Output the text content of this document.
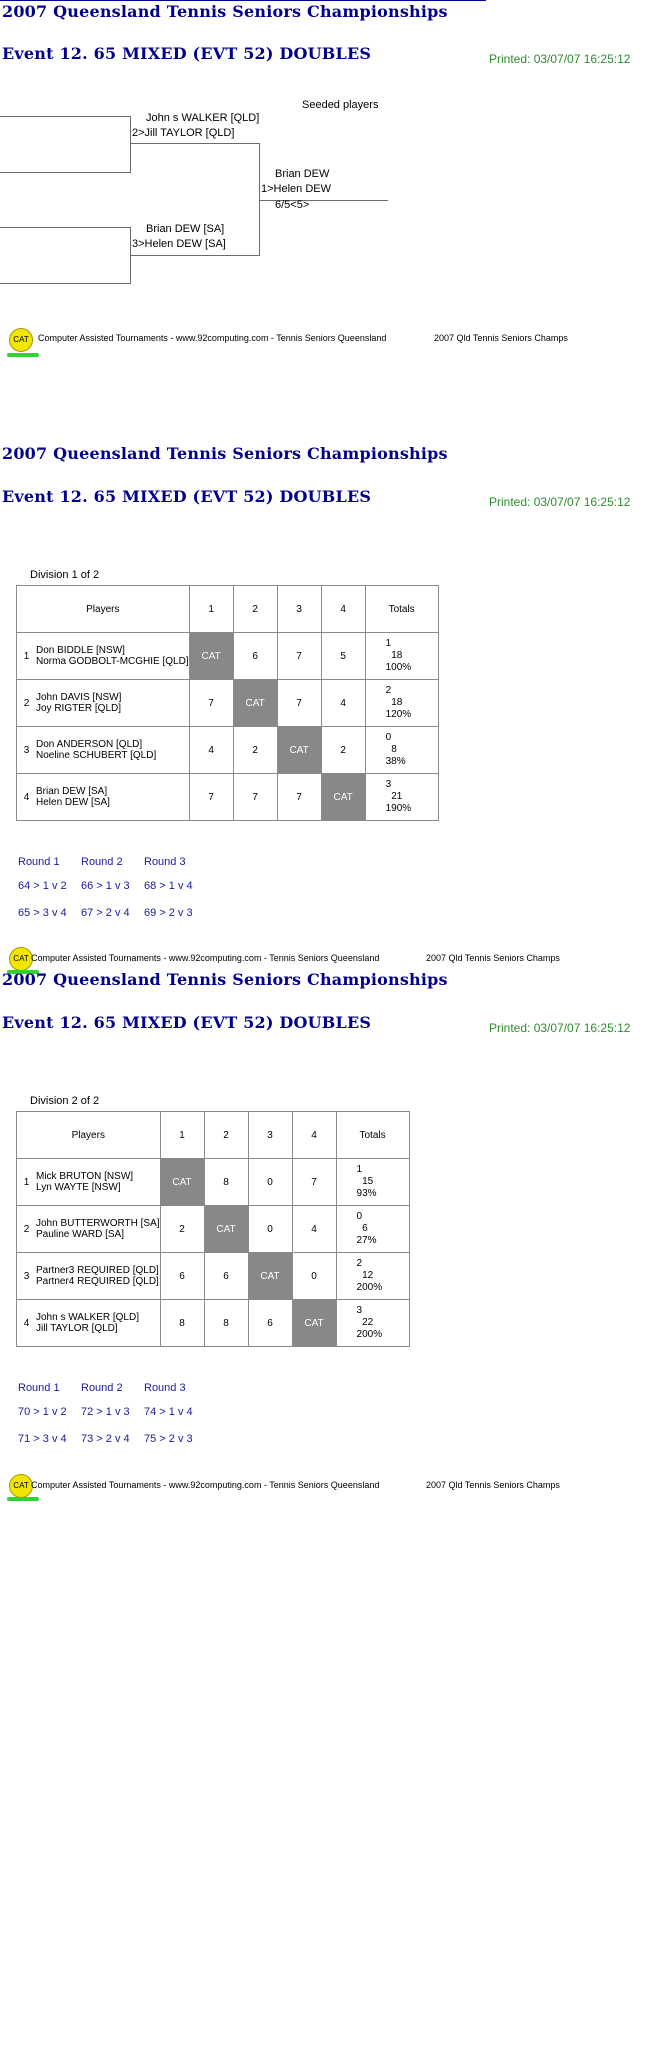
2007 Queensland Tennis Seniors Championships
Event 12. 65 MIXED (EVT 52) DOUBLES	Printed: 03/07/07 16:25:12
Seeded players
John s WALKER [QLD]
2>Jill TAYLOR [QLD]
Brian DEW [SA]
3>Helen DEW [SA]
Brian DEW
1>Helen DEW
6/5<5>
CAT	Computer Assisted Tournaments - www.92computing.com - Tennis Seniors Queensland	2007 Qld Tennis Seniors Champs
2007 Queensland Tennis Seniors Championships
Event 12. 65 MIXED (EVT 52) DOUBLES	Printed: 03/07/07 16:25:12
Division 1 of 2
Players	1	2	3	4	Totals

1 Don BIDDLE [NSW]
Norma GODBOLT-MCGHIE [QLD]	CAT	6	7	5	1
18
100%

2 John DAVIS [NSW]
Joy RIGTER [QLD]	7	CAT	7	4	2
18
120%

3 Don ANDERSON [QLD]
Noeline SCHUBERT [QLD]	4	2	CAT	2	0
8
38%

4 Brian DEW [SA]
Helen DEW [SA]	7	7	7	CAT	3
21
190%
Round 1 Round 2 Round 3
64 > 1 v 2 66 > 1 v 3 68 > 1 v 4
65 > 3 v 4 67 > 2 v 4 69 > 2 v 3
CAT Computer Assisted Tournaments - www.92computing.com - Tennis Seniors Queensland	2007 Qld Tennis Seniors Champs
2007 Queensland Tennis Seniors Championships
Event 12. 65 MIXED (EVT 52) DOUBLES	Printed: 03/07/07 16:25:12
Division 2 of 2
Players	1	2	3	4	Totals

1 Mick BRUTON [NSW]
Lyn WAYTE [NSW]	CAT	8	0	7	1
15
93%

2 John BUTTERWORTH [SA]
Pauline WARD [SA]	2	CAT	0	4	0
6
27%

3 Partner3 REQUIRED [QLD]
Partner4 REQUIRED [QLD]	6	6	CAT	0	2
12
200%

4 John s WALKER [QLD]
Jill TAYLOR [QLD]	8	8	6	CAT	3
22
200%
Round 1 Round 2 Round 3
70 > 1 v 2 72 > 1 v 3 74 > 1 v 4
71 > 3 v 4 73 > 2 v 4 75 > 2 v 3
CAT Computer Assisted Tournaments - www.92computing.com - Tennis Seniors Queensland	2007 Qld Tennis Seniors Champs
